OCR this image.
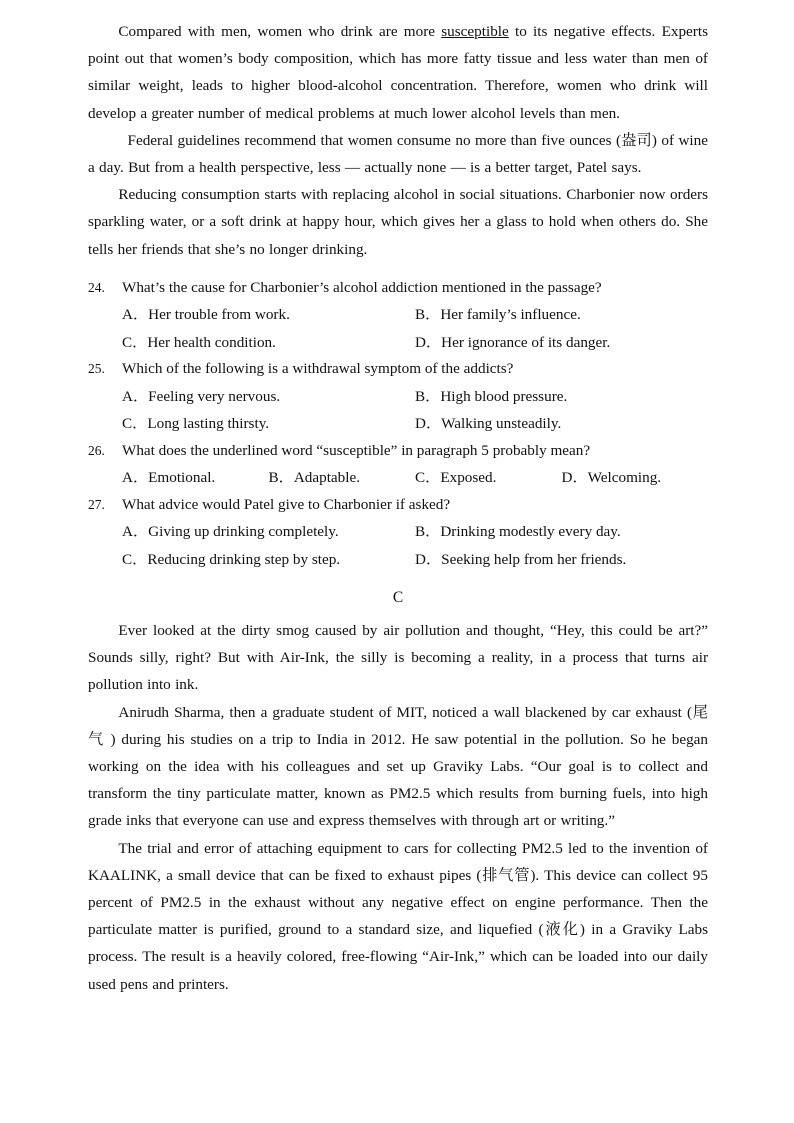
Compared with men, women who drink are more susceptible to its negative effects. Experts point out that women’s body composition, which has more fatty tissue and less water than men of similar weight, leads to higher blood-alcohol concentration. Therefore, women who drink will develop a greater number of medical problems at much lower alcohol levels than men.

Federal guidelines recommend that women consume no more than five ounces (盎司) of wine a day. But from a health perspective, less — actually none — is a better target, Patel says.

Reducing consumption starts with replacing alcohol in social situations. Charbonier now orders sparkling water, or a soft drink at happy hour, which gives her a glass to hold when others do. She tells her friends that she’s no longer drinking.

24. What’s the cause for Charbonier’s alcohol addiction mentioned in the passage?
A．Her trouble from work.	B．Her family’s influence.
C．Her health condition.	D．Her ignorance of its danger.
25. Which of the following is a withdrawal symptom of the addicts?
A．Feeling very nervous.	B．High blood pressure.
C．Long lasting thirsty.	D．Walking unsteadily.
26. What does the underlined word “susceptible” in paragraph 5 probably mean?
A．Emotional.	B．Adaptable.	C．Exposed.	D．Welcoming.
27. What advice would Patel give to Charbonier if asked?
A．Giving up drinking completely.	B．Drinking modestly every day.
C．Reducing drinking step by step.	D．Seeking help from her friends.
C

Ever looked at the dirty smog caused by air pollution and thought, “Hey, this could be art?” Sounds silly, right? But with Air-Ink, the silly is becoming a reality, in a process that turns air pollution into ink.

Anirudh Sharma, then a graduate student of MIT, noticed a wall blackened by car exhaust (尾 气 ) during his studies on a trip to India in 2012. He saw potential in the pollution. So he began working on the idea with his colleagues and set up Graviky Labs. “Our goal is to collect and transform the tiny particulate matter, known as PM2.5 which results from burning fuels, into high grade inks that everyone can use and express themselves with through art or writing.”

The trial and error of attaching equipment to cars for collecting PM2.5 led to the invention of KAALINK, a small device that can be fixed to exhaust pipes (排气管). This device can collect 95 percent of PM2.5 in the exhaust without any negative effect on engine performance. Then the particulate matter is purified, ground to a standard size, and liquefied (液化) in a Graviky Labs process. The result is a heavily colored, free-flowing “Air-Ink,” which can be loaded into our daily used pens and printers.
